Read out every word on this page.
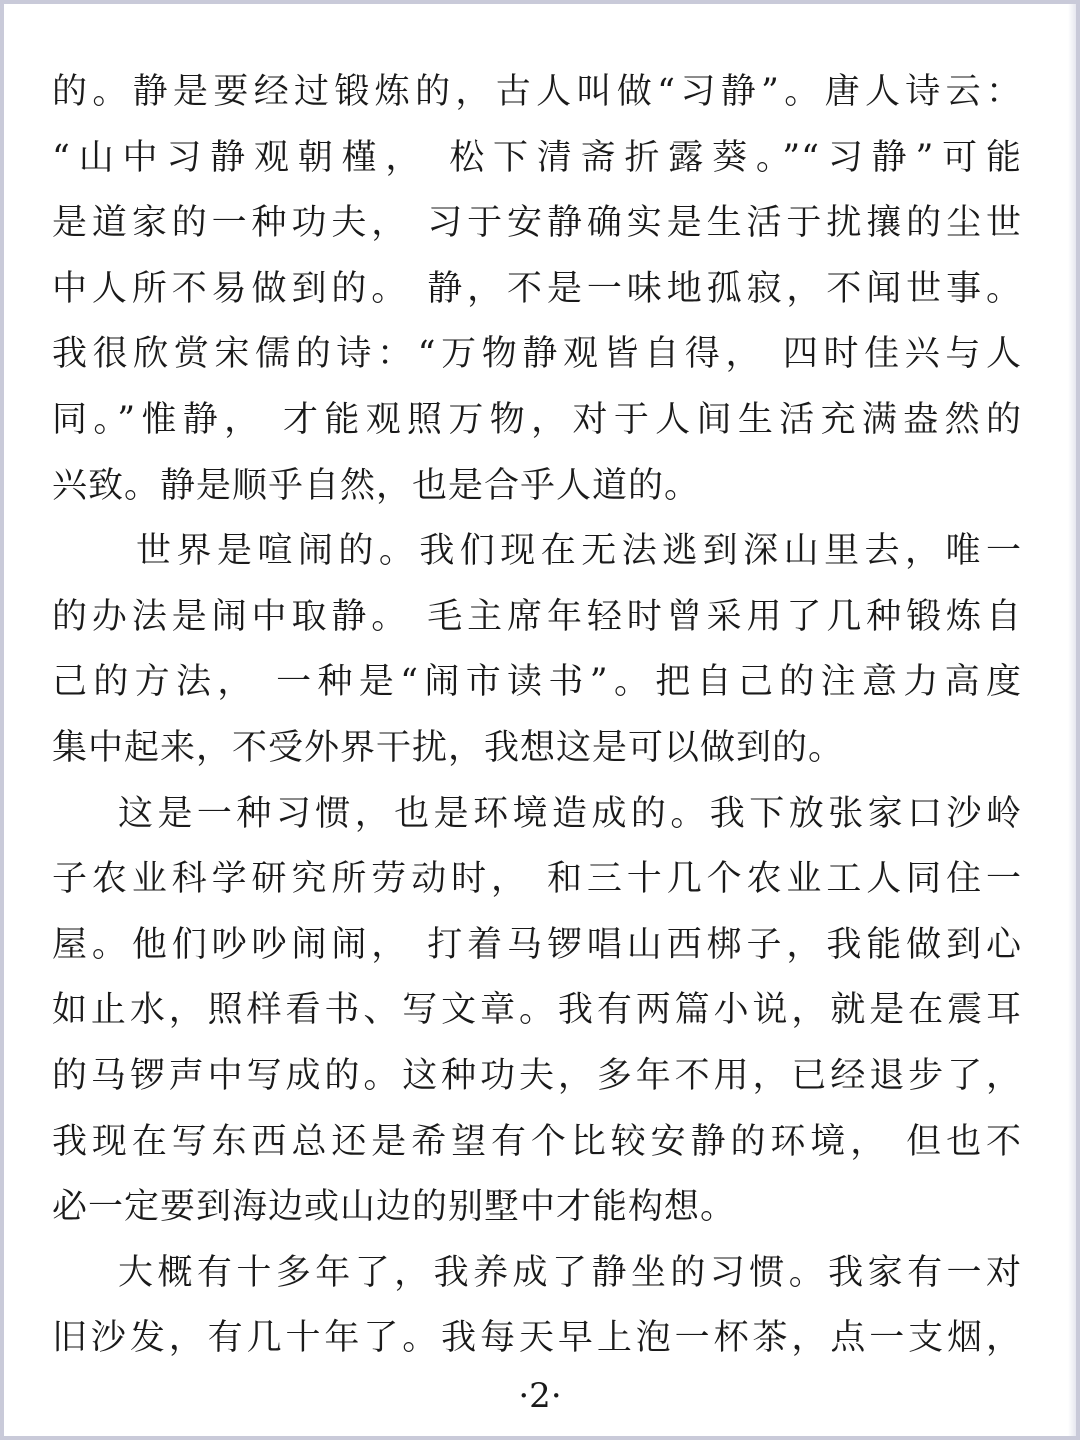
的。静是要经过锻炼的，古人叫做“习静”。唐人诗云：
“山中习静观朝槿， 松下清斋折露葵。”“习静”可能
是道家的一种功夫， 习于安静确实是生活于扰攘的尘世
中人所不易做到的。 静，不是一味地孤寂，不闻世事。
我很欣赏宋儒的诗：“万物静观皆自得， 四时佳兴与人
同。”惟静， 才能观照万物，对于人间生活充满盎然的
兴致。静是顺乎自然，也是合乎人道的。
世界是喧闹的。我们现在无法逃到深山里去，唯一
的办法是闹中取静。 毛主席年轻时曾采用了几种锻炼自
己的方法， 一种是“闹市读书”。把自己的注意力高度
集中起来，不受外界干扰，我想这是可以做到的。
这是一种习惯，也是环境造成的。我下放张家口沙岭
子农业科学研究所劳动时， 和三十几个农业工人同住一
屋。他们吵吵闹闹， 打着马锣唱山西梆子，我能做到心
如止水，照样看书、写文章。我有两篇小说，就是在震耳
的马锣声中写成的。这种功夫，多年不用，已经退步了，
我现在写东西总还是希望有个比较安静的环境， 但也不
必一定要到海边或山边的别墅中才能构想。
大概有十多年了，我养成了静坐的习惯。我家有一对
旧沙发，有几十年了。我每天早上泡一杯茶，点一支烟，
·2·
